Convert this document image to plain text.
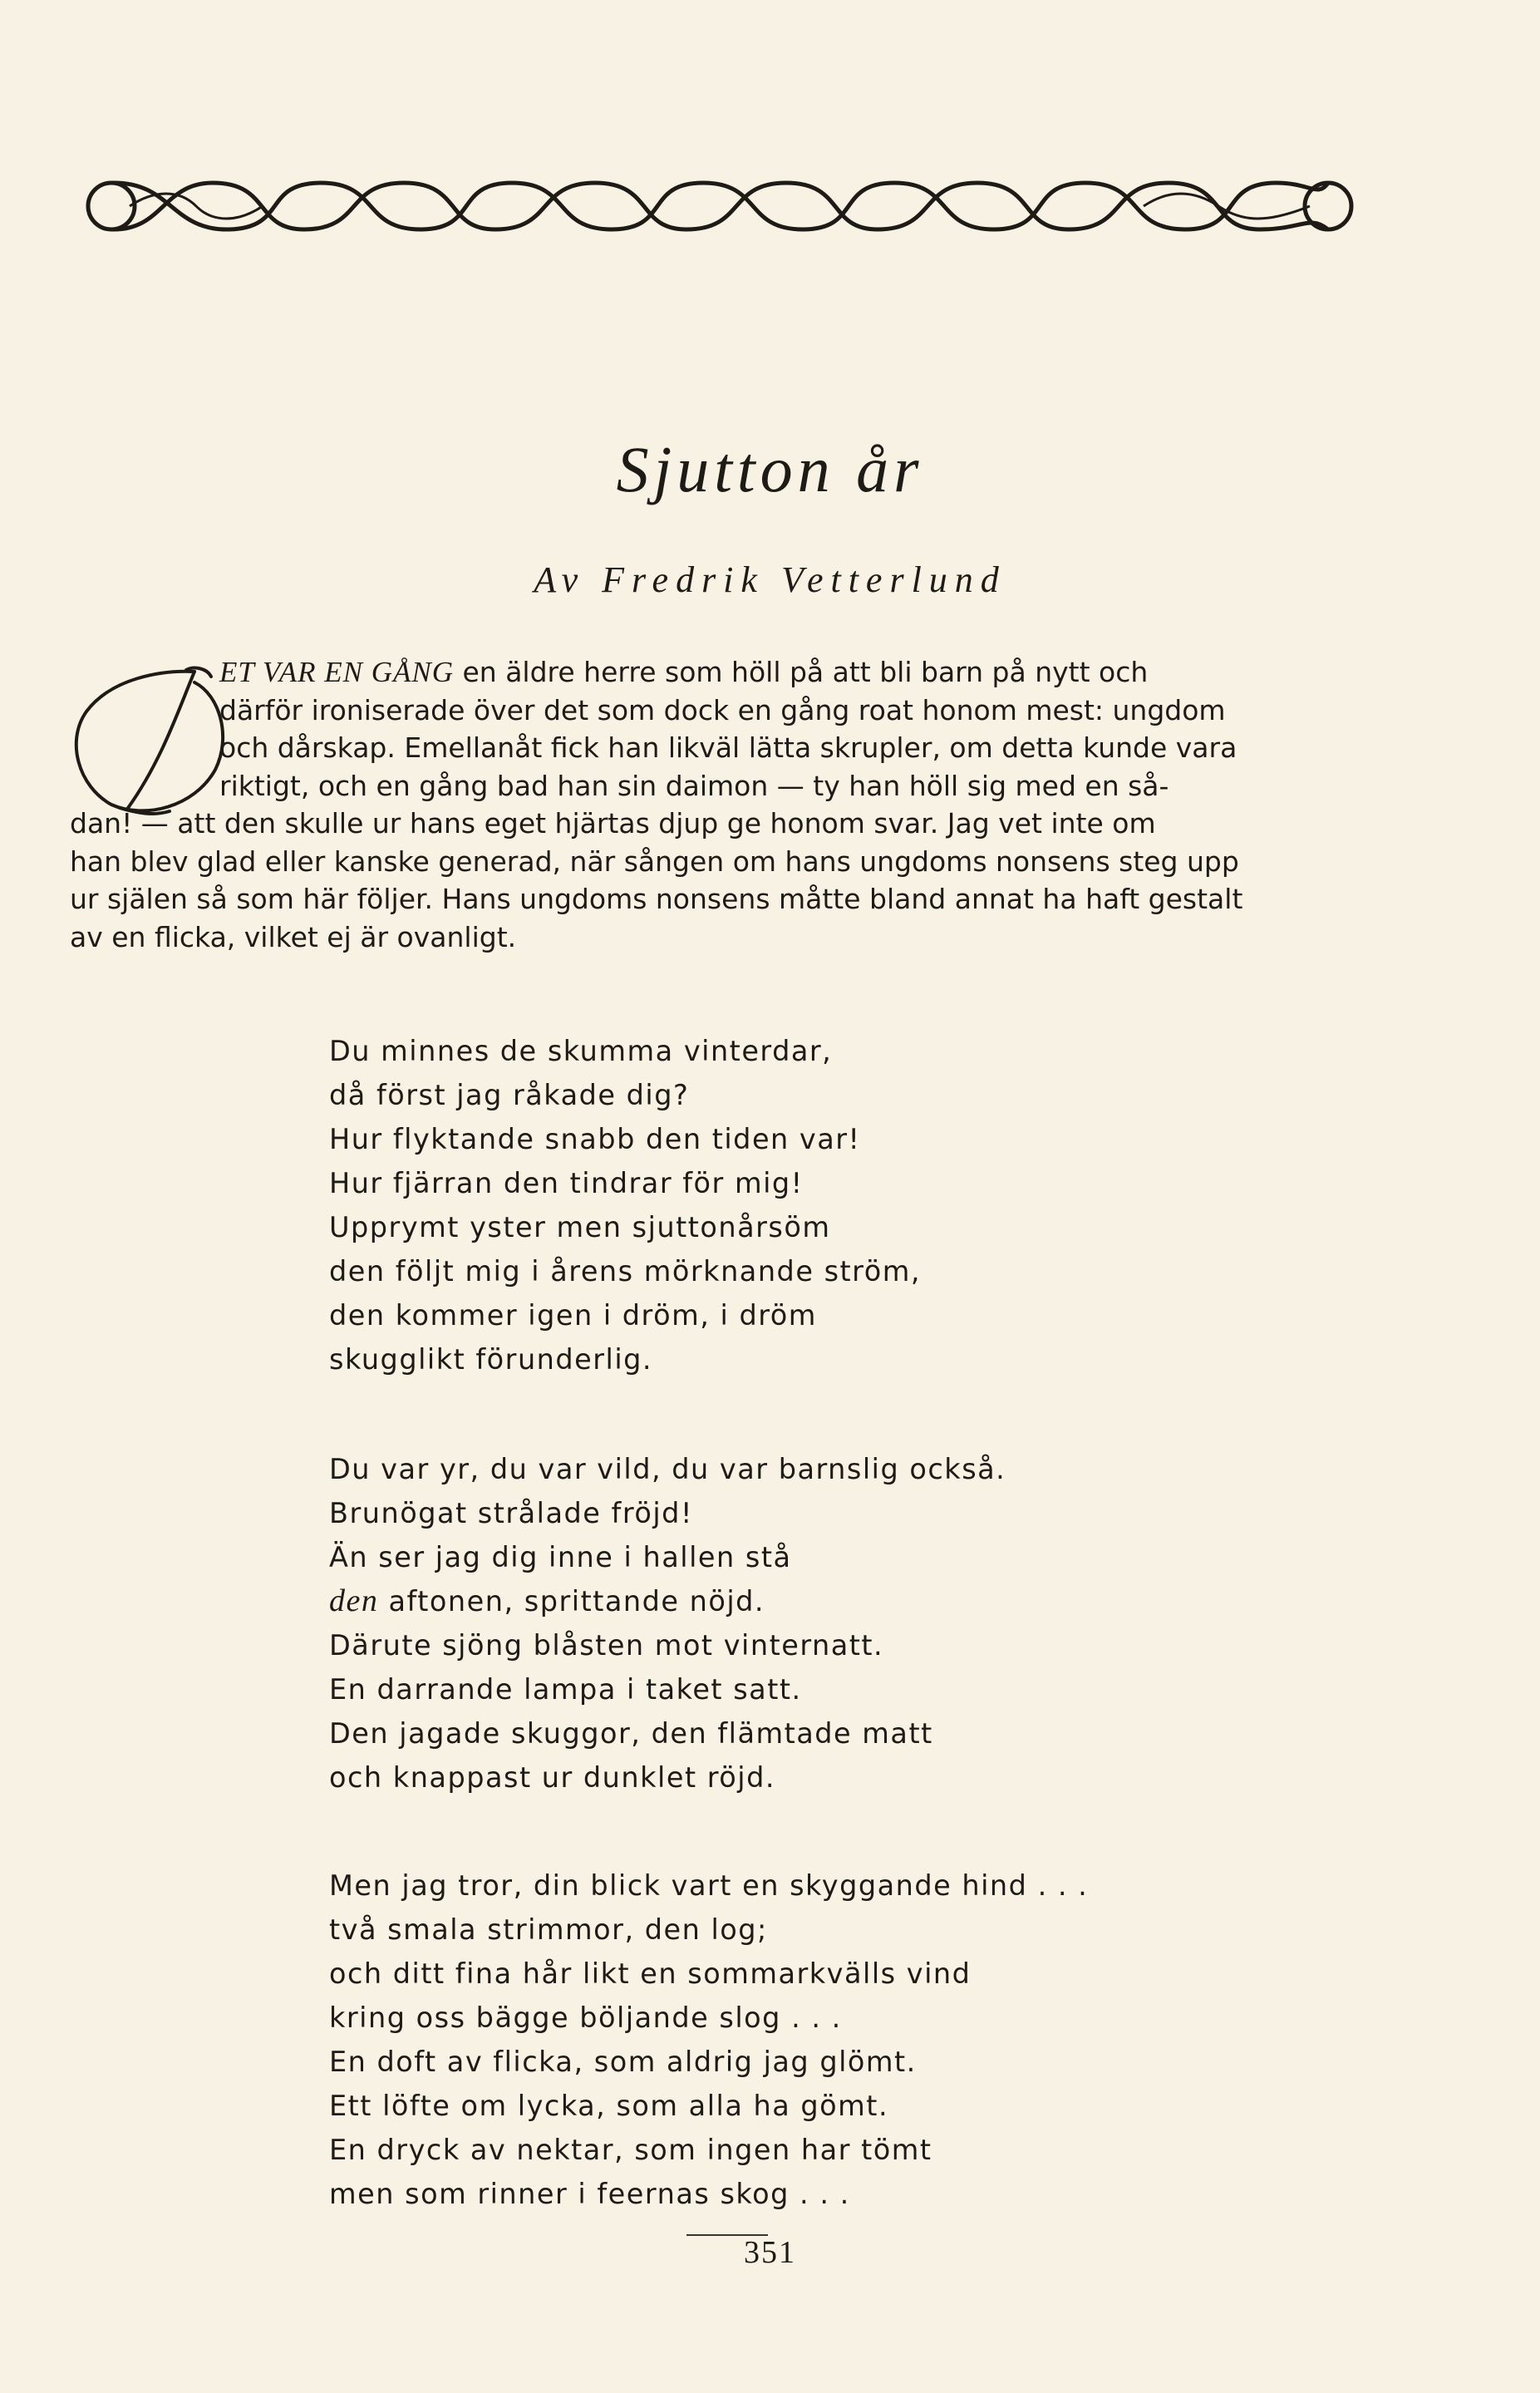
Sjutton år
Av Fredrik Vetterlund
ET VAR EN GÅNG en äldre herre som höll på att bli barn på nytt och
därför ironiserade över det som dock en gång roat honom mest: ungdom
och dårskap. Emellanåt fick han likväl lätta skrupler, om detta kunde vara
riktigt, och en gång bad han sin daimon — ty han höll sig med en så-
dan! — att den skulle ur hans eget hjärtas djup ge honom svar. Jag vet inte om
han blev glad eller kanske generad, när sången om hans ungdoms nonsens steg upp
ur själen så som här följer. Hans ungdoms nonsens måtte bland annat ha haft gestalt
av en flicka, vilket ej är ovanligt.
Du minnes de skumma vinterdar,
då först jag råkade dig?
Hur flyktande snabb den tiden var!
Hur fjärran den tindrar för mig!
Upprymt yster men sjuttonårsöm
den följt mig i årens mörknande ström,
den kommer igen i dröm, i dröm
skugglikt förunderlig.
Du var yr, du var vild, du var barnslig också.
Brunögat strålade fröjd!
Än ser jag dig inne i hallen stå
den aftonen, sprittande nöjd.
Därute sjöng blåsten mot vinternatt.
En darrande lampa i taket satt.
Den jagade skuggor, den flämtade matt
och knappast ur dunklet röjd.
Men jag tror, din blick vart en skyggande hind . . .
två smala strimmor, den log;
och ditt fina hår likt en sommarkvälls vind
kring oss bägge böljande slog . . .
En doft av flicka, som aldrig jag glömt.
Ett löfte om lycka, som alla ha gömt.
En dryck av nektar, som ingen har tömt
men som rinner i feernas skog . . .
351
